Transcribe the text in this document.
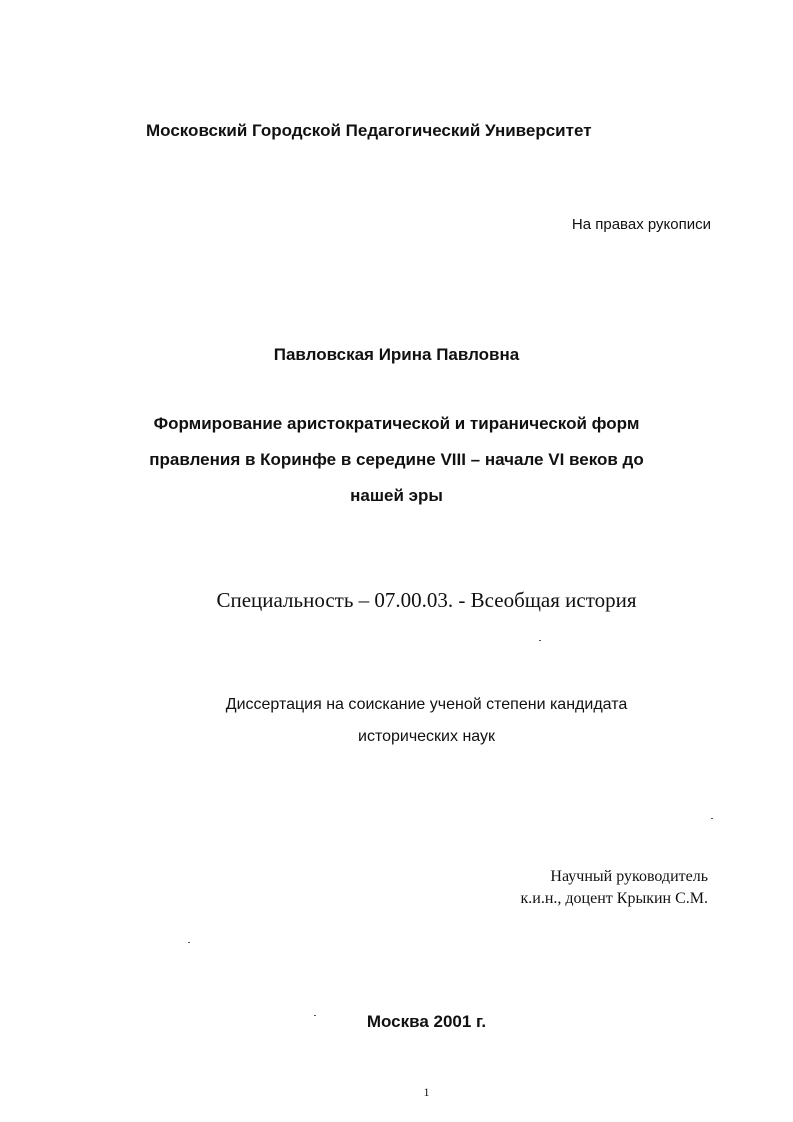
Московский Городской Педагогический Университет
На правах рукописи
Павловская Ирина Павловна
Формирование аристократической и тиранической форм
правления в Коринфе в середине VIII – начале VI веков до
нашей эры
Специальность – 07.00.03. - Всеобщая история
Диссертация на соискание ученой степени кандидата
исторических наук
Научный руководитель
к.и.н., доцент Крыкин С.М.
Москва 2001 г.
1
